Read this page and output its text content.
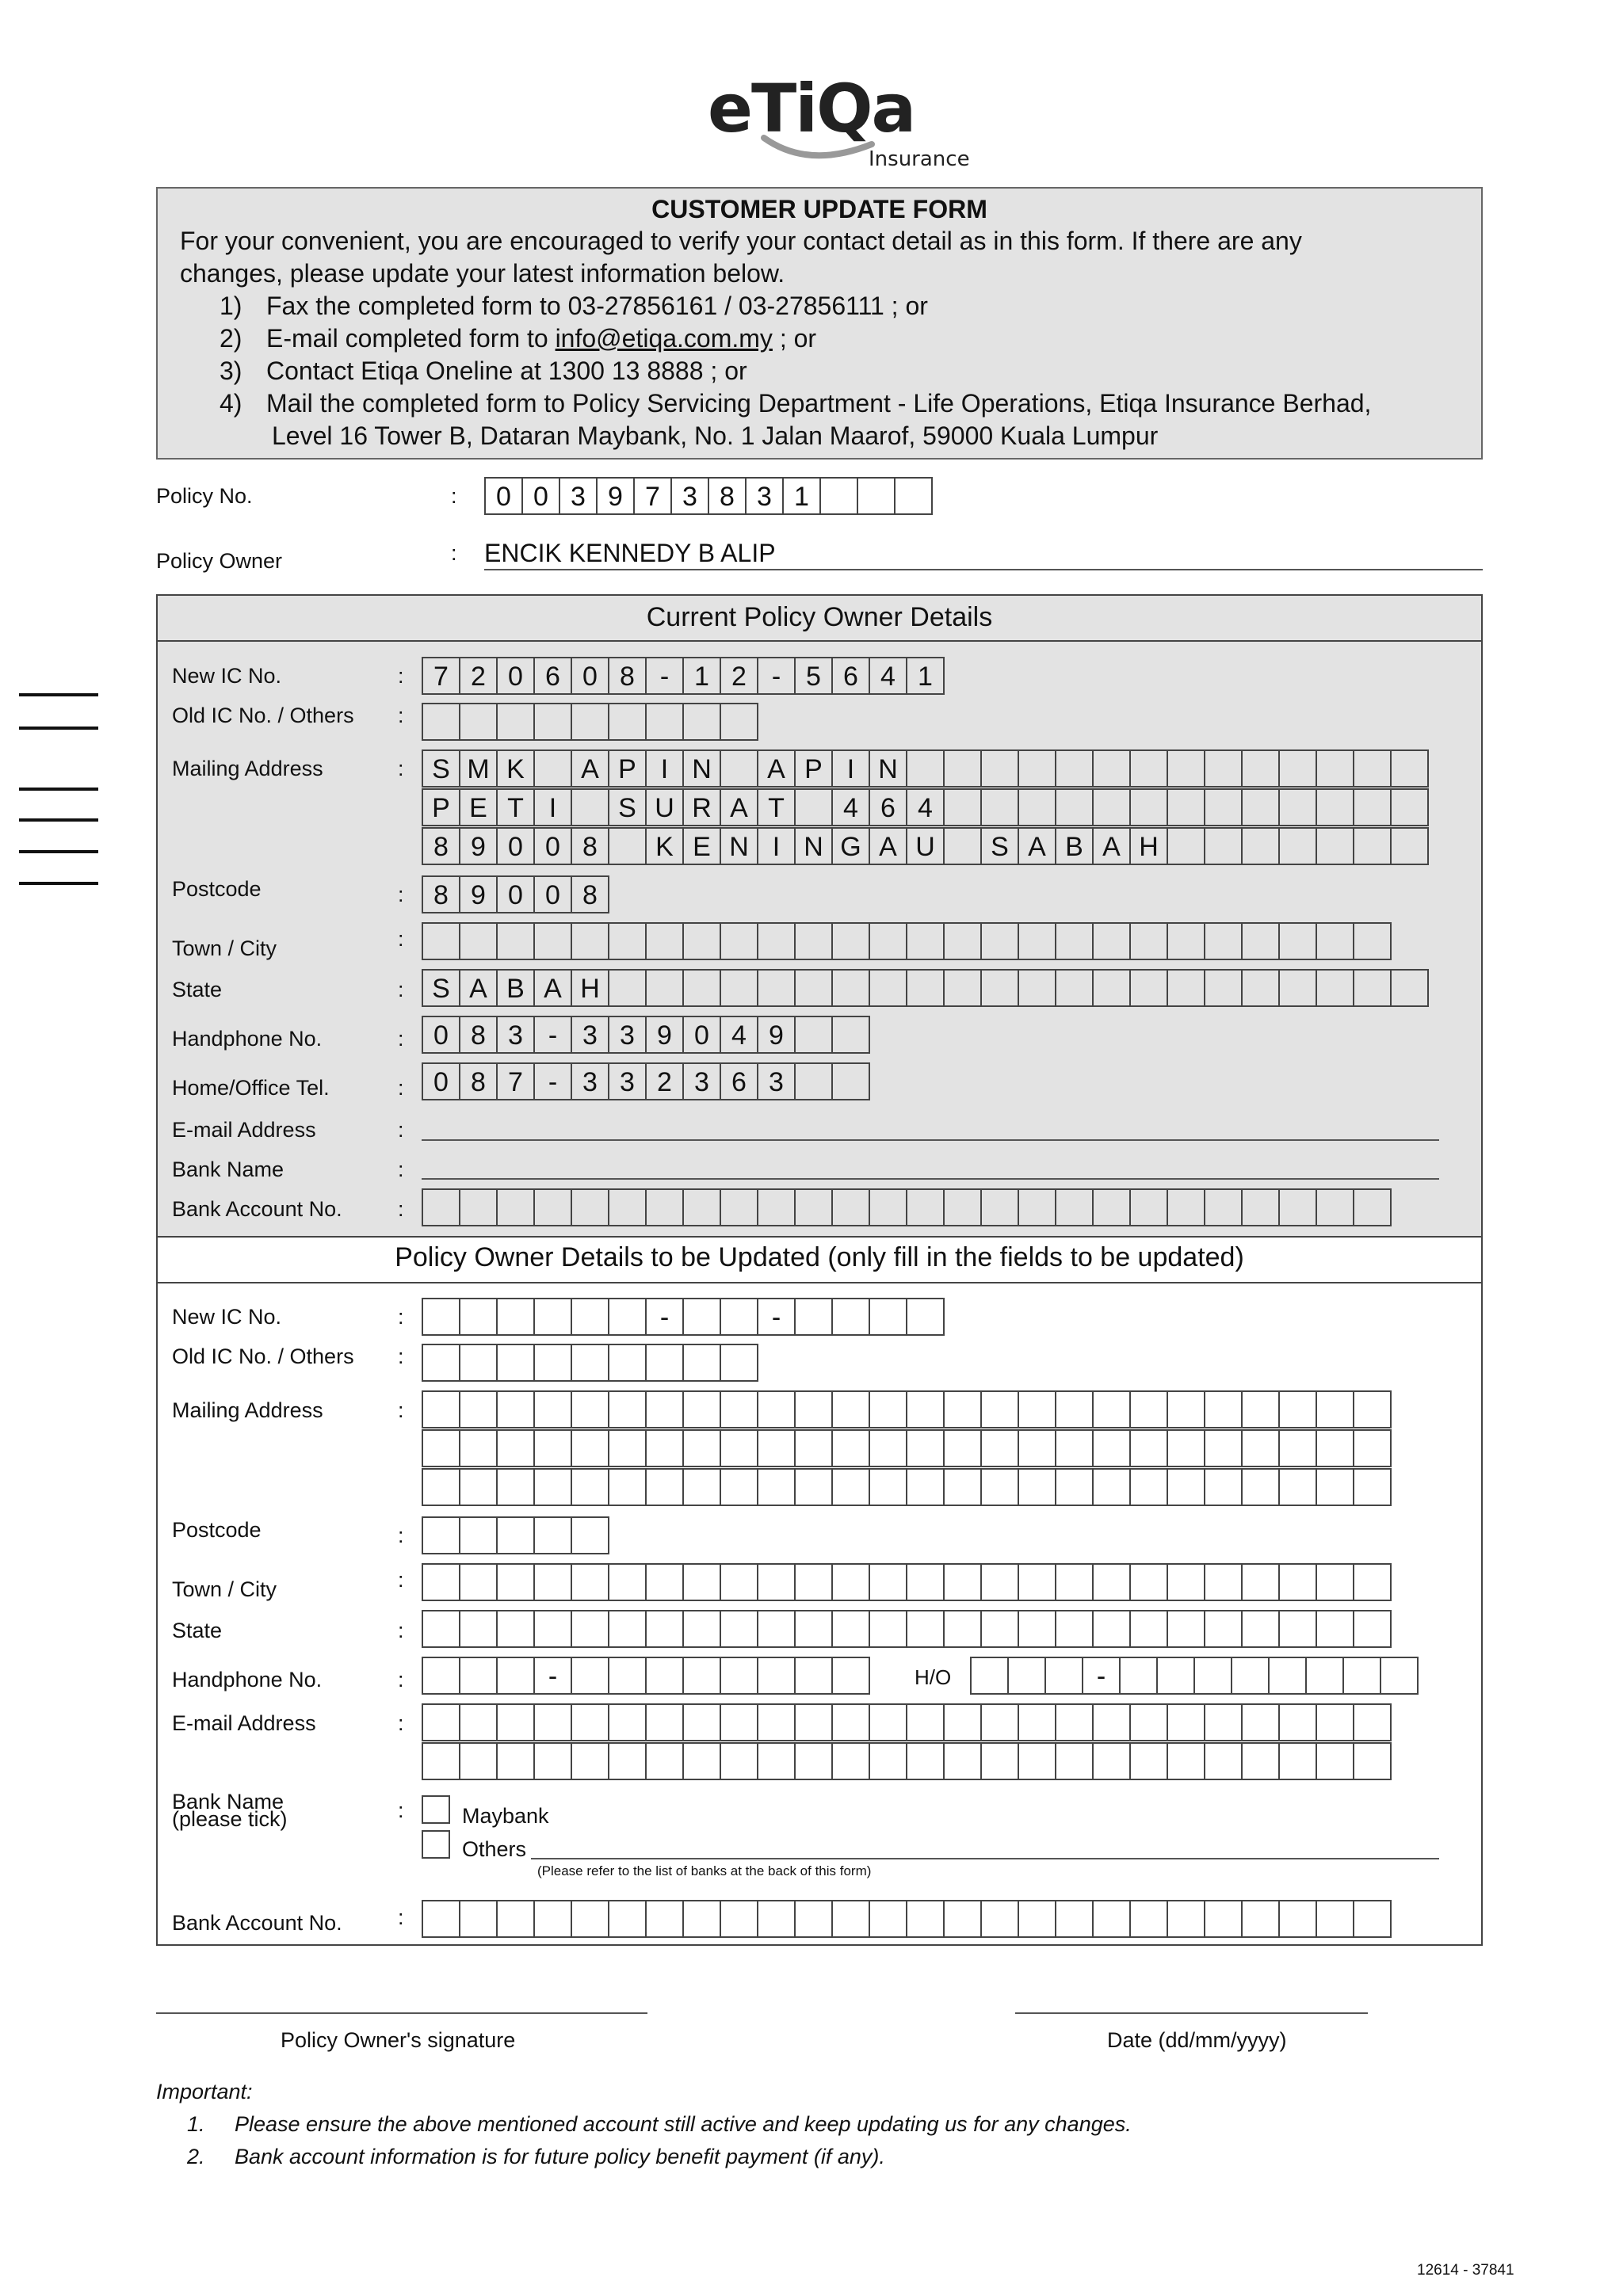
eTiQa
Insurance
CUSTOMER UPDATE FORM
For your convenient, you are encouraged to verify your contact detail as in this form. If there are any
changes, please update your latest information below.
1) Fax the completed form to 03-27856161 / 03-27856111 ; or
2) E-mail completed form to info@etiqa.com.my ; or
3) Contact Etiqa Oneline at 1300 13 8888 ; or
4) Mail the completed form to Policy Servicing Department - Life Operations, Etiqa Insurance Berhad,
Level 16 Tower B, Dataran Maybank, No. 1 Jalan Maarof, 59000 Kuala Lumpur
Policy No.	:	0 0 3 9 7 3 8 3 1
Policy Owner	: ENCIK KENNEDY B ALIP
Current Policy Owner Details
Policy Owner Details to be Updated (only fill in the fields to be updated)
New IC No.	:	7 2 0 6 0 8 - 1 2 - 5 6 4 1
Old IC No. / Others :
Mailing Address	:	S M K	A P I N	A P I N
P E T I	S U R A T	4 6 4
8 9 0 0 8	K E N I N G A U	S A B A H
Postcode	:	8 9 0 0 8
Town / City	:
State	:	S A B A H
Handphone No.	:	0 8 3 - 3 3 9 0 4 9
Home/Office Tel.	:	0 8 7 - 3 3 2 3 6 3
E-mail Address	:
Bank Name	:
Bank Account No.	:
New IC No.	:	-	-
Old IC No. / Others :
Mailing Address	:
Postcode	:
Town / City	:
State	:
Handphone No.	:	-	H/O	-
E-mail Address	:
Bank Name
(please tick)	:	Maybank
Others
(Please refer to the list of banks at the back of this form)
Bank Account No.	:
Policy Owner's signature	Date (dd/mm/yyyy)
Important:
1. Please ensure the above mentioned account still active and keep updating us for any changes.
2. Bank account information is for future policy benefit payment (if any).
12614 - 37841
